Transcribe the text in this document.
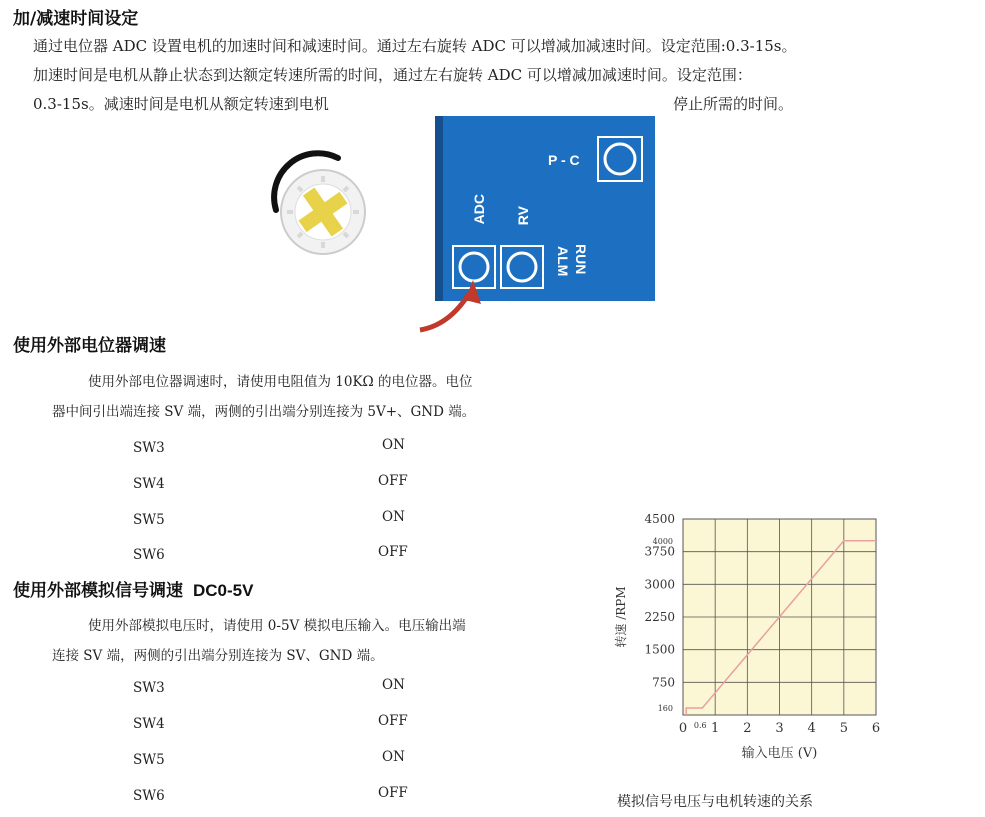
加/减速时间设定
通过电位器 ADC 设置电机的加速时间和减速时间。通过左右旋转 ADC 可以增减加减速时间。设定范围:0.3-15s。
加速时间是电机从静止状态到达额定转速所需的时间，通过左右旋转 ADC 可以增减加减速时间。设定范围：
0.3-15s。减速时间是电机从额定转速到电机	停止所需的时间。
P - C
ADC RV
RUN
ALM
使用外部电位器调速
使用外部电位器调速时，请使用电阻值为 10KΩ 的电位器。电位
器中间引出端连接 SV 端，两侧的引出端分别连接为 5V+、GND 端。
SW3	ON
SW4	OFF
SW5	ON
SW6	OFF
使用外部模拟信号调速 DC0-5V
使用外部模拟电压时，请使用 0-5V 模拟电压输入。电压输出端
连接 SV 端，两侧的引出端分别连接为 SV、GND 端。
SW3	ON
SW4	OFF
SW5	ON
SW6	OFF
0 1 2 3 4 5 6
750
1500
2250
3000
3750
4500
0.6
160
4000
输入电压 (V)
转速 /RPM
模拟信号电压与电机转速的关系
